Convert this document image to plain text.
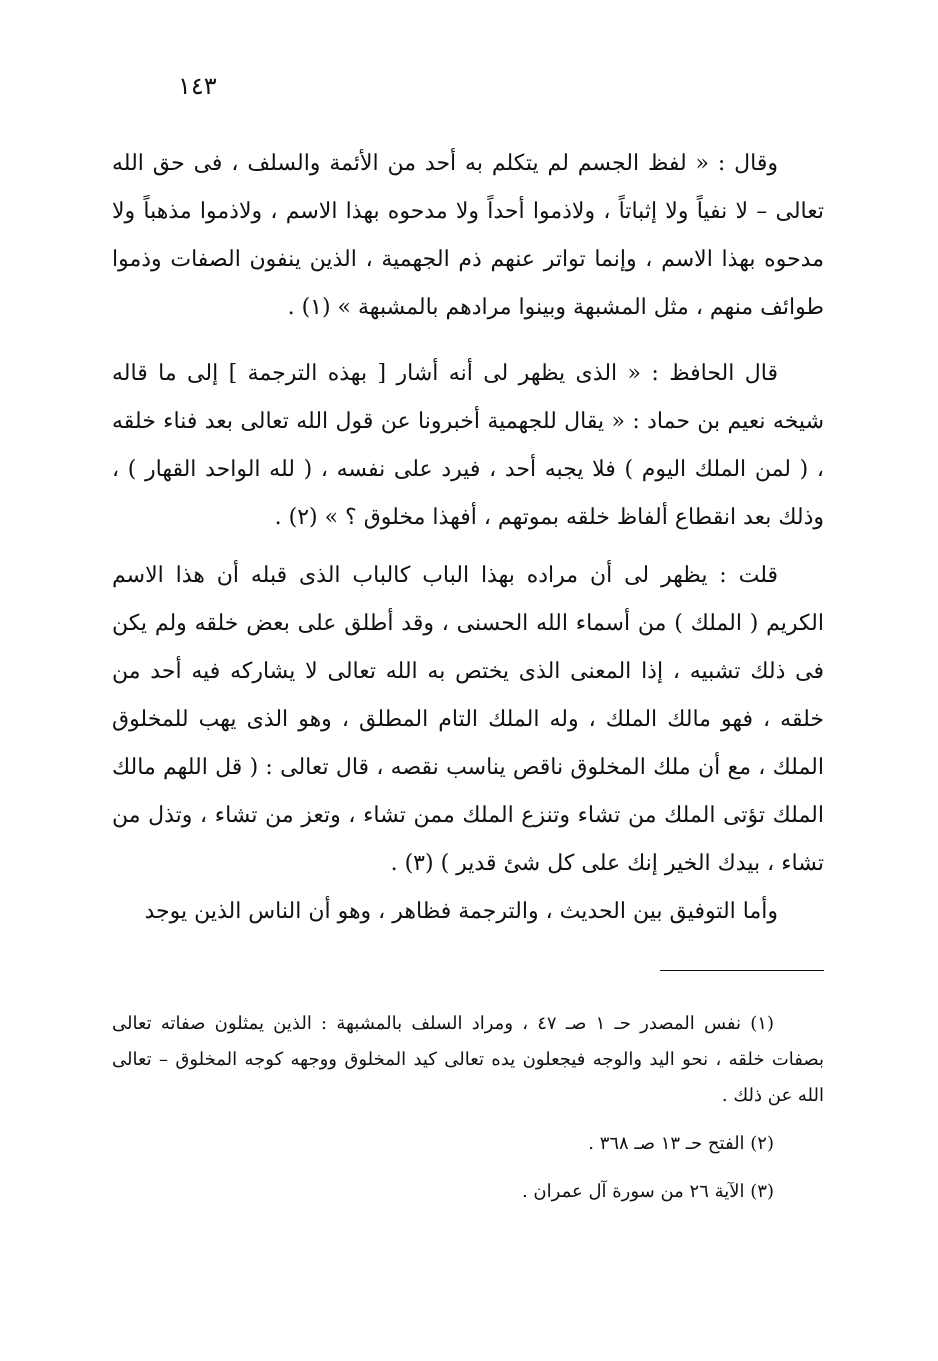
١٤٣

وقال : « لفظ الجسم لم يتكلم به أحد من الأئمة والسلف ، فى حق الله تعالى – لا نفياً ولا إثباتاً ، ولاذموا أحداً ولا مدحوه بهذا الاسم ، ولاذموا مذهباً ولا مدحوه بهذا الاسم ، وإنما تواتر عنهم ذم الجهمية ، الذين ينفون الصفات وذموا طوائف منهم ، مثل المشبهة وبينوا مرادهم بالمشبهة » (١) .

قال الحافظ : « الذى يظهر لى أنه أشار [ بهذه الترجمة ] إلى ما قاله شيخه نعيم بن حماد : « يقال للجهمية أخبرونا عن قول الله تعالى بعد فناء خلقه ، ( لمن الملك اليوم ) فلا يجبه أحد ، فيرد على نفسه ، ( لله الواحد القهار ) ، وذلك بعد انقطاع ألفاظ خلقه بموتهم ، أفهذا مخلوق ؟ » (٢) .

قلت : يظهر لى أن مراده بهذا الباب كالباب الذى قبله أن هذا الاسم الكريم ( الملك ) من أسماء الله الحسنى ، وقد أطلق على بعض خلقه ولم يكن فى ذلك تشبيه ، إذا المعنى الذى يختص به الله تعالى لا يشاركه فيه أحد من خلقه ، فهو مالك الملك ، وله الملك التام المطلق ، وهو الذى يهب للمخلوق الملك ، مع أن ملك المخلوق ناقص يناسب نقصه ، قال تعالى : ( قل اللهم مالك الملك تؤتى الملك من تشاء وتنزع الملك ممن تشاء ، وتعز من تشاء ، وتذل من تشاء ، بيدك الخير إنك على كل شئ قدير ) (٣) .

وأما التوفيق بين الحديث ، والترجمة فظاهر ، وهو أن الناس الذين يوجد

(١) نفس المصدر حـ ١ صـ ٤٧ ، ومراد السلف بالمشبهة : الذين يمثلون صفاته تعالى بصفات خلقه ، نحو اليد والوجه فيجعلون يده تعالى كيد المخلوق ووجهه كوجه المخلوق – تعالى الله عن ذلك .
(٢) الفتح حـ ١٣ صـ ٣٦٨ .
(٣) الآية ٢٦ من سورة آل عمران .
